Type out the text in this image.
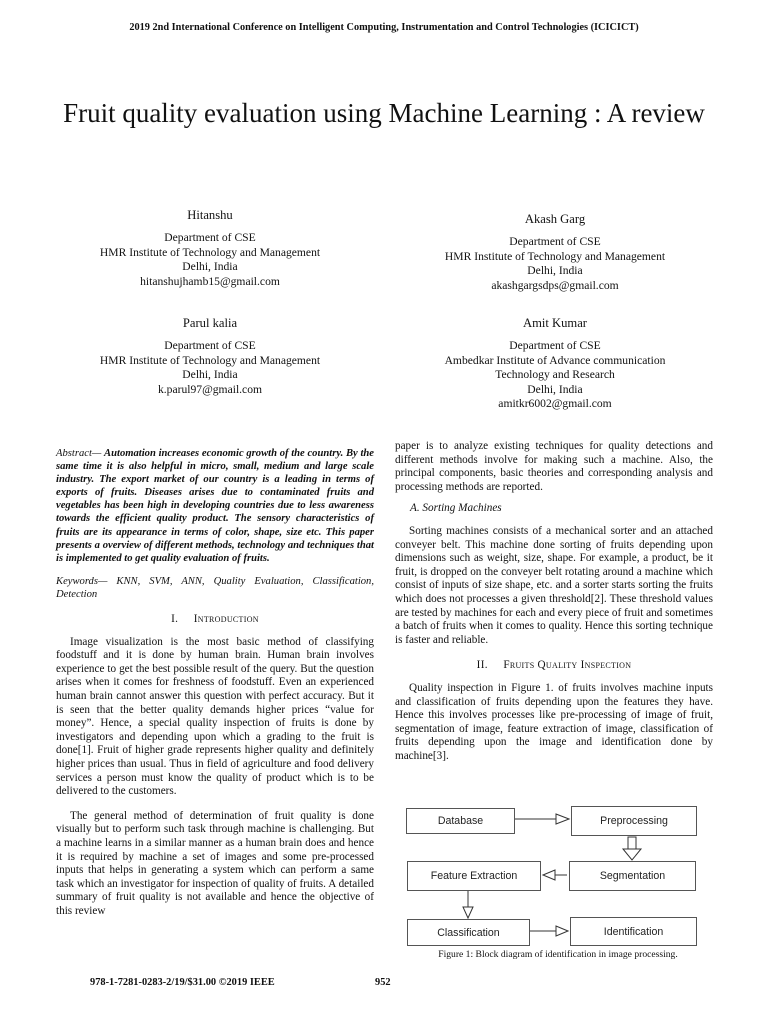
2019 2nd International Conference on Intelligent Computing, Instrumentation and Control Technologies (ICICICT)
Fruit quality evaluation using Machine Learning : A review
Hitanshu
Department of CSE
HMR Institute of Technology and Management
Delhi, India
hitanshujhamb15@gmail.com
Akash Garg
Department of CSE
HMR Institute of Technology and Management
Delhi, India
akashgargsdps@gmail.com
Parul kalia
Department of CSE
HMR Institute of Technology and Management
Delhi, India
k.parul97@gmail.com
Amit Kumar
Department of CSE
Ambedkar Institute of Advance communication Technology and Research
Delhi, India
amitkr6002@gmail.com
Abstract— Automation increases economic growth of the country. By the same time it is also helpful in micro, small, medium and large scale industry. The export market of our country is a leading in terms of exports of fruits. Diseases arises due to contaminated fruits and vegetables has been high in developing countries due to less awareness towards the efficient quality product. The sensory characteristics of fruits are its appearance in terms of color, shape, size etc. This paper presents a overview of different methods, technology and techniques that is implemented to get quality evaluation of fruits.
Keywords— KNN, SVM, ANN, Quality Evaluation, Classification, Detection
I. Introduction
Image visualization is the most basic method of classifying foodstuff and it is done by human brain. Human brain involves experience to get the best possible result of the query. But the question arises when it comes for freshness of foodstuff. Even an experienced human brain cannot answer this question with perfect accuracy. But it is seen that the better quality demands higher prices “value for money”. Hence, a special quality inspection of fruits is done by investigators and depending upon which a grading to the fruit is done[1]. Fruit of higher grade represents higher quality and definitely higher prices than usual. Thus in field of agriculture and food delivery services a person must know the quality of product which is to be delivered to the customers.
The general method of determination of fruit quality is done visually but to perform such task through machine is challenging. But a machine learns in a similar manner as a human brain does and hence it is required by machine a set of images and some pre-processed inputs that helps in generating a system which can perform a same task which an investigator for inspection of quality of fruits. A detailed summary of fruit quality is not available and hence the objective of this review
paper is to analyze existing techniques for quality detections and different methods involve for making such a machine. Also, the principal components, basic theories and corresponding analysis and processing methods are reported.
A. Sorting Machines
Sorting machines consists of a mechanical sorter and an attached conveyer belt. This machine done sorting of fruits depending upon dimensions such as weight, size, shape. For example, a product, be it fruit, is dropped on the conveyer belt rotating around a machine which consist of inputs of size shape, etc. and a sorter starts sorting the fruits which does not processes a given threshold[2]. These threshold values are tested by machines for each and every piece of fruit and sometimes a batch of fruits when it comes to quality. Hence this sorting technique is faster and reliable.
II. Fruits Quality Inspection
Quality inspection in Figure 1. of fruits involves machine inputs and classification of fruits depending upon the features they have. Hence this involves processes like pre-processing of image of fruit, segmentation of image, feature extraction of image, classification of fruits depending upon the image and identification done by machine[3].
Database	Preprocessing
Feature Extraction	Segmentation
Classification	Identification
Figure 1: Block diagram of identification in image processing.
978-1-7281-0283-2/19/$31.00 ©2019 IEEE	952
